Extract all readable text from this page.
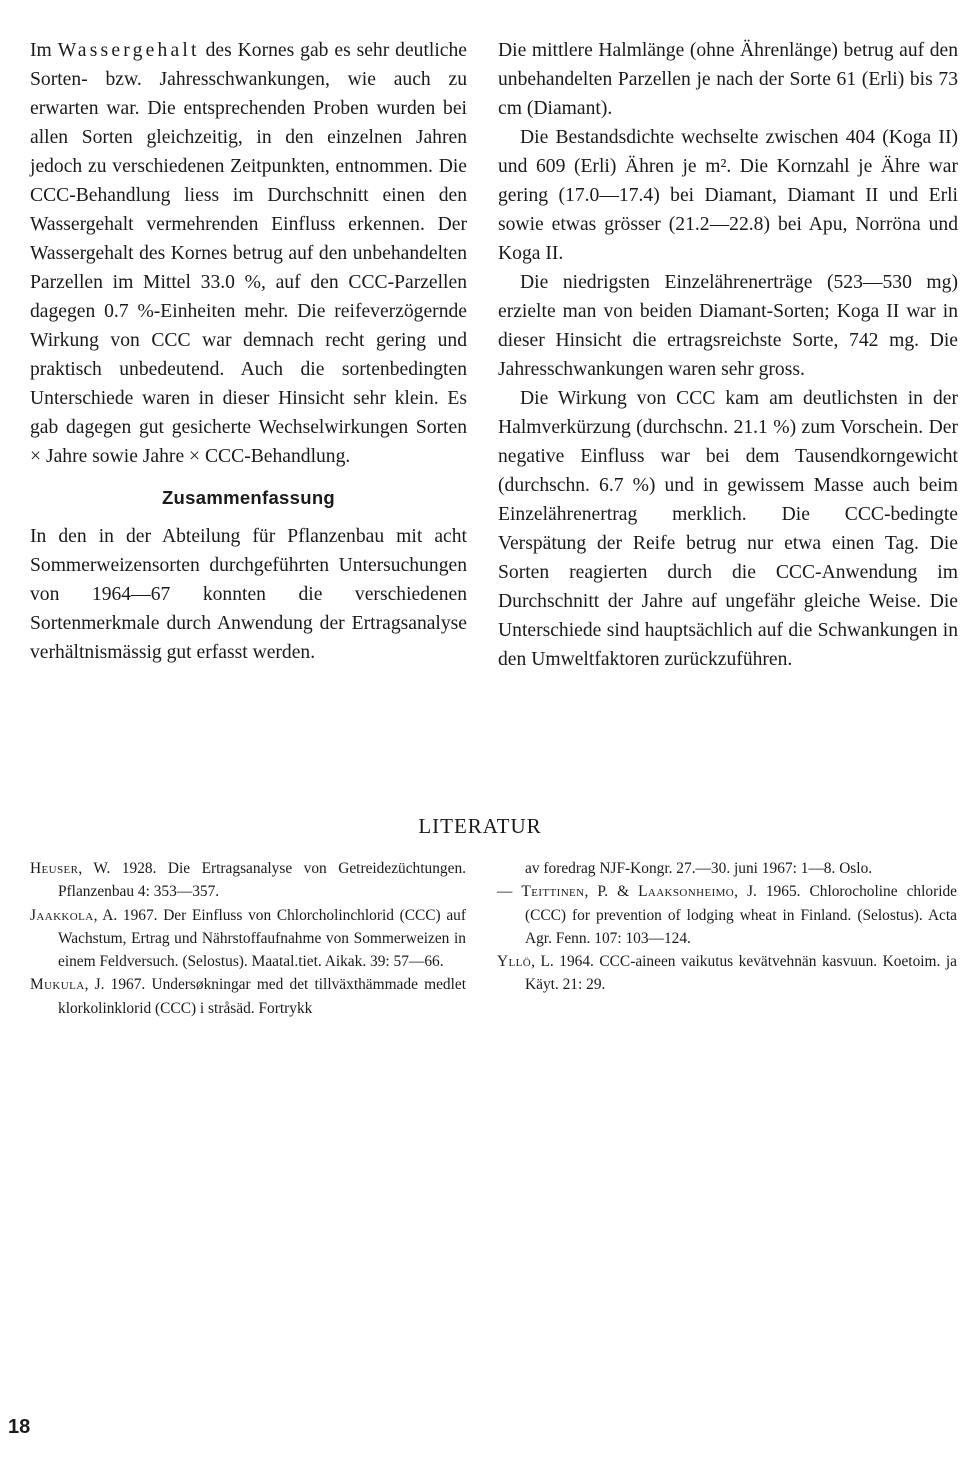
Im Wassergehalt des Kornes gab es sehr deutliche Sorten- bzw. Jahresschwankungen, wie auch zu erwarten war. Die entsprechenden Proben wurden bei allen Sorten gleichzeitig, in den einzelnen Jahren jedoch zu verschiedenen Zeitpunkten, entnommen. Die CCC-Behandlung liess im Durchschnitt einen den Wassergehalt vermehrenden Einfluss erkennen. Der Wassergehalt des Kornes betrug auf den unbehandelten Parzellen im Mittel 33.0 %, auf den CCC-Parzellen dagegen 0.7 %-Einheiten mehr. Die reifeverzögernde Wirkung von CCC war demnach recht gering und praktisch unbedeutend. Auch die sortenbedingten Unterschiede waren in dieser Hinsicht sehr klein. Es gab dagegen gut gesicherte Wechselwirkungen Sorten × Jahre sowie Jahre × CCC-Behandlung.

Zusammenfassung

In den in der Abteilung für Pflanzenbau mit acht Sommerweizensorten durchgeführten Untersuchungen von 1964—67 konnten die verschiedenen Sortenmerkmale durch Anwendung der Ertragsanalyse verhältnismässig gut erfasst werden.

Die mittlere Halmlänge (ohne Ährenlänge) betrug auf den unbehandelten Parzellen je nach der Sorte 61 (Erli) bis 73 cm (Diamant).

Die Bestandsdichte wechselte zwischen 404 (Koga II) und 609 (Erli) Ähren je m². Die Kornzahl je Ähre war gering (17.0—17.4) bei Diamant, Diamant II und Erli sowie etwas grösser (21.2—22.8) bei Apu, Norröna und Koga II.

Die niedrigsten Einzelährenerträge (523—530 mg) erzielte man von beiden Diamant-Sorten; Koga II war in dieser Hinsicht die ertragsreichste Sorte, 742 mg. Die Jahresschwankungen waren sehr gross.

Die Wirkung von CCC kam am deutlichsten in der Halmverkürzung (durchschn. 21.1 %) zum Vorschein. Der negative Einfluss war bei dem Tausendkorngewicht (durchschn. 6.7 %) und in gewissem Masse auch beim Einzelährenertrag merklich. Die CCC-bedingte Verspätung der Reife betrug nur etwa einen Tag. Die Sorten reagierten durch die CCC-Anwendung im Durchschnitt der Jahre auf ungefähr gleiche Weise. Die Unterschiede sind hauptsächlich auf die Schwankungen in den Umweltfaktoren zurückzuführen.

LITERATUR

Heuser, W. 1928. Die Ertragsanalyse von Getreidezüchtungen. Pflanzenbau 4: 353—357.

Jaakkola, A. 1967. Der Einfluss von Chlorcholinchlorid (CCC) auf Wachstum, Ertrag und Nährstoffaufnahme von Sommerweizen in einem Feldversuch. (Selostus). Maatal.tiet. Aikak. 39: 57—66.

Mukula, J. 1967. Undersøkningar med det tillväxthämmade medlet klorkolinklorid (CCC) i stråsäd. Fortrykk

av foredrag NJF-Kongr. 27.—30. juni 1967: 1—8. Oslo.

— Teittinen, P. & Laaksonheimo, J. 1965. Chlorocholine chloride (CCC) for prevention of lodging wheat in Finland. (Selostus). Acta Agr. Fenn. 107: 103—124.

Yllö, L. 1964. CCC-aineen vaikutus kevätvehnän kasvuun. Koetoim. ja Käyt. 21: 29.

18
